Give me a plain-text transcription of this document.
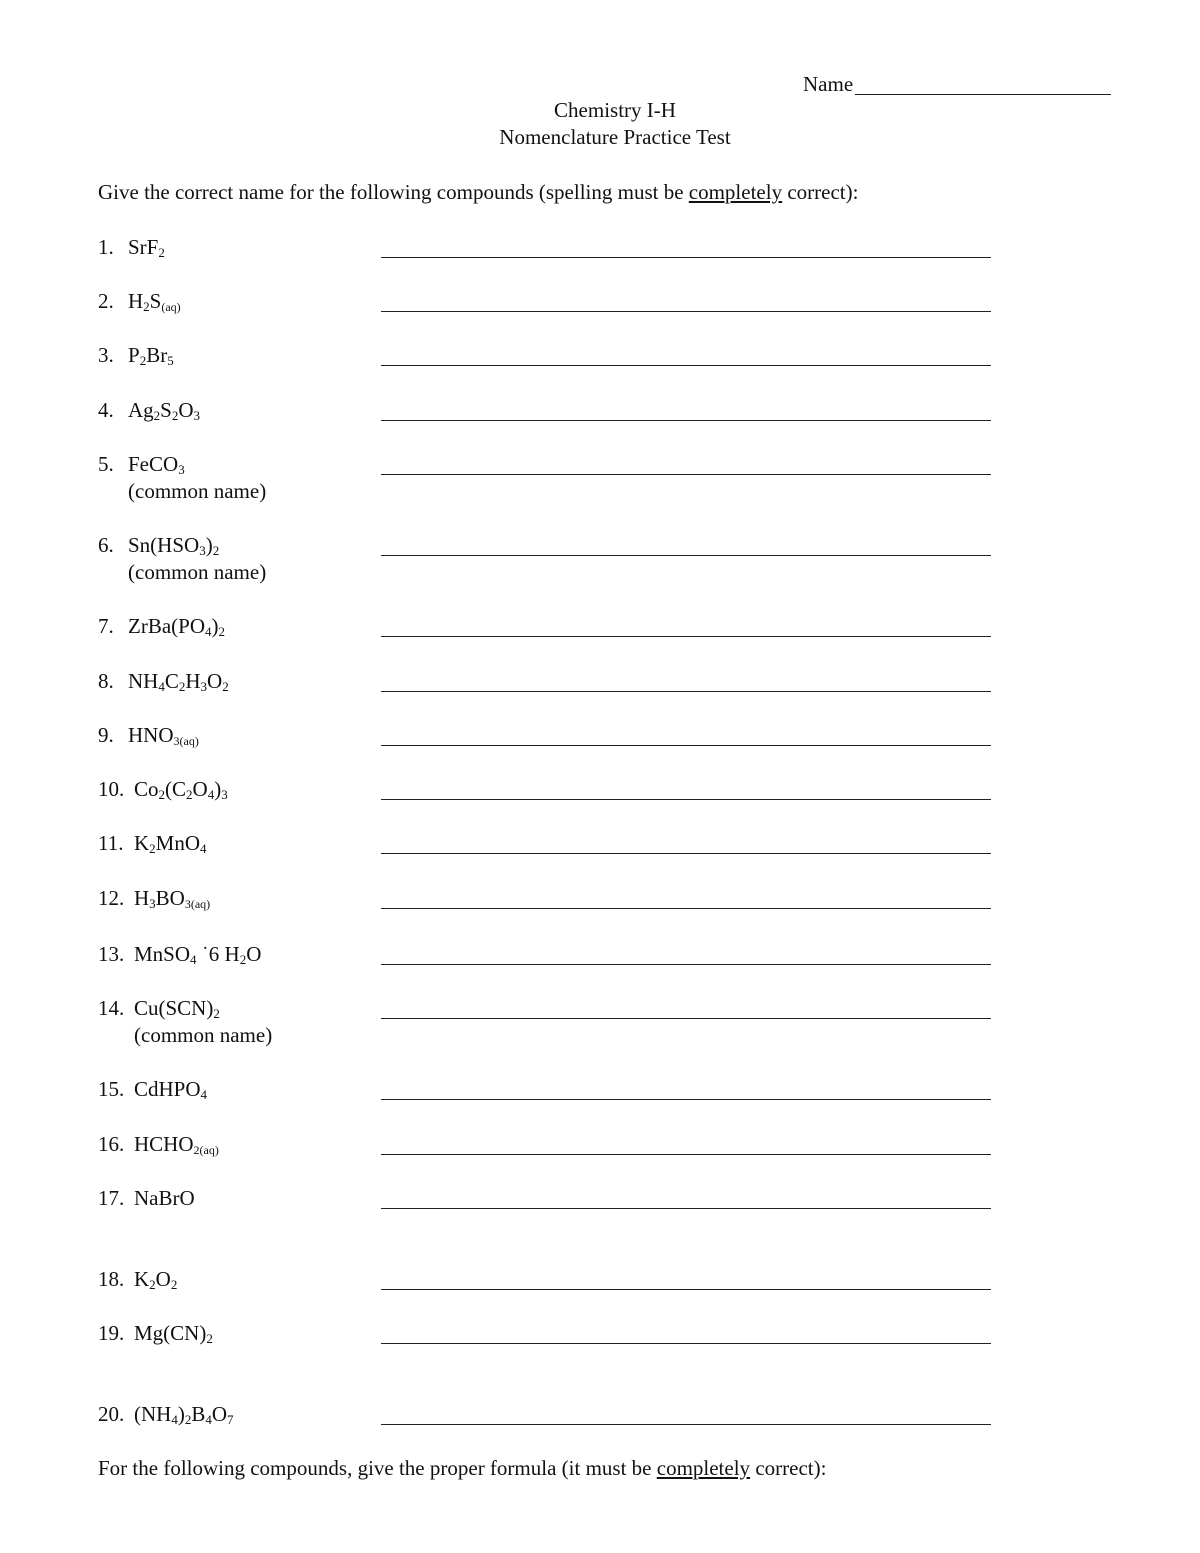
Name
Chemistry I-H
Nomenclature Practice Test
Give the correct name for the following compounds (spelling must be completely correct):
1. SrF$_2$
2. $H_2S_{(aq)}$
3. $P_2Br_5$
4. $Ag_2S_2O_3$
5. FeCO$_3$
(common name)
6. $Sn(HSO_3)_2$
(common name)
7. $ZrBa(PO_4)_2$
8. $NH_4C_2H_3O_2$
9. $HNO_{3(aq)}$
10. $Co_2(C_2O_4)_3$
11. $K_2MnO_4$
12. $H_3BO_{3(aq)}$
13. MnSO$_4$ ˙6 $H_2O$
14. $Cu(SCN)_2$
(common name)
15. CdHPO$_4$
16. $HCHO_{2(aq)}$
17. NaBrO
18. $K_2O_2$
19. $Mg(CN)_2$
20. $(NH_4)_2B_4O_7$
For the following compounds, give the proper formula (it must be completely correct):
